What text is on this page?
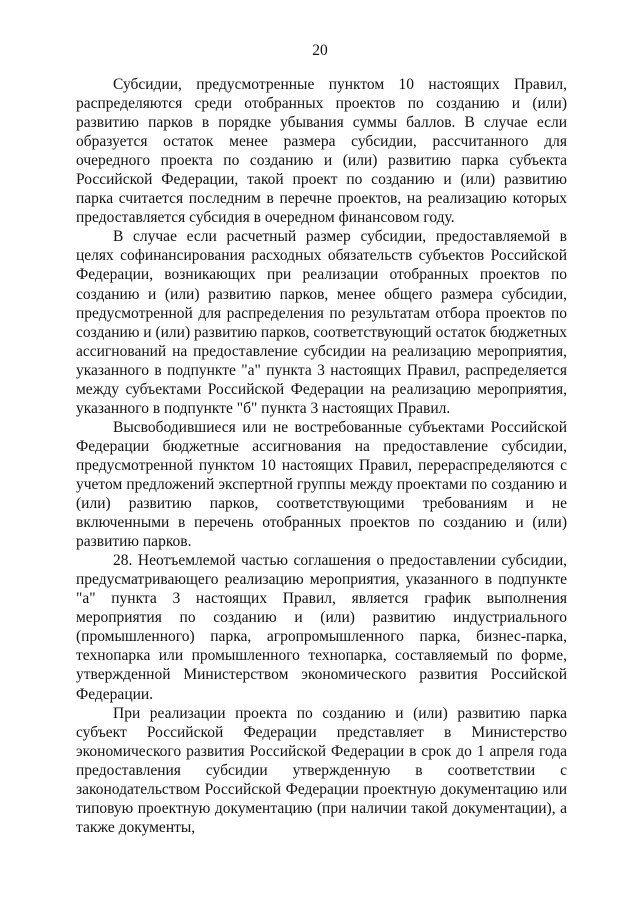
20

Субсидии, предусмотренные пунктом 10 настоящих Правил, распределяются среди отобранных проектов по созданию и (или) развитию парков в порядке убывания суммы баллов. В случае если образуется остаток менее размера субсидии, рассчитанного для очередного проекта по созданию и (или) развитию парка субъекта Российской Федерации, такой проект по созданию и (или) развитию парка считается последним в перечне проектов, на реализацию которых предоставляется субсидия в очередном финансовом году.

В случае если расчетный размер субсидии, предоставляемой в целях софинансирования расходных обязательств субъектов Российской Федерации, возникающих при реализации отобранных проектов по созданию и (или) развитию парков, менее общего размера субсидии, предусмотренной для распределения по результатам отбора проектов по созданию и (или) развитию парков, соответствующий остаток бюджетных ассигнований на предоставление субсидии на реализацию мероприятия, указанного в подпункте "а" пункта 3 настоящих Правил, распределяется между субъектами Российской Федерации на реализацию мероприятия, указанного в подпункте "б" пункта 3 настоящих Правил.

Высвободившиеся или не востребованные субъектами Российской Федерации бюджетные ассигнования на предоставление субсидии, предусмотренной пунктом 10 настоящих Правил, перераспределяются с учетом предложений экспертной группы между проектами по созданию и (или) развитию парков, соответствующими требованиям и не включенными в перечень отобранных проектов по созданию и (или) развитию парков.

28. Неотъемлемой частью соглашения о предоставлении субсидии, предусматривающего реализацию мероприятия, указанного в подпункте "а" пункта 3 настоящих Правил, является график выполнения мероприятия по созданию и (или) развитию индустриального (промышленного) парка, агропромышленного парка, бизнес-парка, технопарка или промышленного технопарка, составляемый по форме, утвержденной Министерством экономического развития Российской Федерации.

При реализации проекта по созданию и (или) развитию парка субъект Российской Федерации представляет в Министерство экономического развития Российской Федерации в срок до 1 апреля года предоставления субсидии утвержденную в соответствии с законодательством Российской Федерации проектную документацию или типовую проектную документацию (при наличии такой документации), а также документы,
